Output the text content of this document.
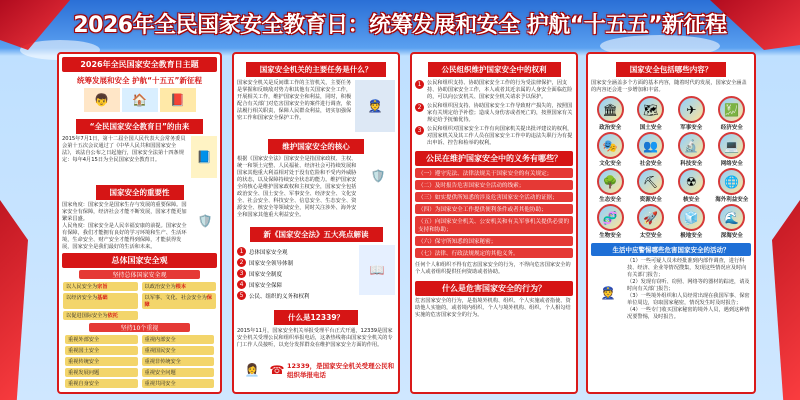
2026年全民国家安全教育日：统筹发展和安全 护航“十五五”新征程
2026年全民国家安全教育日主题
统筹发展和安全 护航“十五五”新征程
👦	🏠	📕
“全民国家安全教育日”的由来
2015年7月1日，第十二届全国人民代表大会常务委员会第十五次会议通过了《中华人民共和国国家安全法》，该法自公布之日起施行，国家安全法第十四条规定：每年4月15日为全民国家安全教育日。	📘
国家安全的重要性
国家角度：国家安全是国家生存与发展的重要保障。国家安全有保障，经济社会才能不断发展，国家才能更加繁荣昌盛。
人民角度：国家安全是人民幸福安康的前提。国家安全有保障，我们才能拥有良好的学习环境和生产、生活环境，生命安全、财产安全才能得到保障，才能获得发展，国家安全是我们最好的生活和未来。
🛡️
总体国家安全观
坚持总体国家安全观
以人民安全为宗旨	以政治安全为根本
以经济安全为基础	以军事、文化、社会安全为保障
以促进国际安全为依托
坚持10个重视
重视外部安全	重视内部安全
重视国土安全	重视国民安全
重视传统安全	重视非传统安全
重视发展问题	重视安全问题
重视自身安全	重视共同安全
国家安全机关的主要任务是什么？
国家安全机关是反间谍工作的主管机关，主要任务是掌握和反映敌对势力和其他有关国家安全工作，开展相关工作，维护国家安全和利益，同时，积极配合有关部门对危害国家安全的案件进行调查，依法履行相关职责，保障人民群众利益，切实加强保密工作和国家安全保护工作。
👮
维护国家安全的核心
根据《国家安全法》国家安全是指国家政权、主权、统一和领土完整、人民福祉、经济社会可持续发展和国家其他重大利益相对处于没有危险和不受内外威胁的状态，以及保障持续安全状态的能力。维护国家安全的核心是维护国家政权和主权安全，国家安全包括政治安全、国土安全、军事安全、经济安全、文化安全、社会安全、科技安全、信息安全、生态安全、资源安全、核安全等领域安全，同时关注涉外、海外安全和国家其他重大利益安全。
🛡️
新《国家安全法》五大亮点解读
1	总体国家安全观
2	国家安全领导体制
3	国家安全制度
4	国家安全保障
5	公民、组织的义务和权利
📖
什么是12339？
2015年11月，国家安全机关举报受理平台正式开通，12339是国家安全机关受理公民和组织举报电话，这条热线将由国家安全机关的专门工作人员接听，以充分发挥群众在维护国家安全方面的作用。
👩‍💼 ☎ 12339，是国家安全机关受理公民和组织举报电话
公民组织维护国家安全中的权利
1	公民和组织支持、协助国家安全工作的行为受法律保护，因支持、协助国家安全工作，本人或者其近亲属的人身安全面临危险的，可以向公安机关、国家安全机关请求予以保护。
2	公民和组织因支持、协助国家安全工作导致财产损失的，按照国家有关规定给予补偿；造成人身伤害或者死亡的，按照国家有关规定给予抚恤优待。
3	公民和组织对国家安全工作有向国家机关提出批评建议的权利，对国家机关及其工作人员在国家安全工作中的违法失职行为有提出申诉、控告和检举的权利。
公民在维护国家安全中的义务有哪些？
（一）遵守宪法、法律法规关于国家安全的有关规定；
（二）及时报告危害国家安全活动的线索；
（三）如实提供所知悉的涉及危害国家安全活动的证据；
（四）为国家安全工作提供便利条件或者其他协助；
（五）向国家安全机关、公安机关和有关军事机关提供必要的支持和协助；
（六）保守所知悉的国家秘密；
（七）法律、行政法规规定的其他义务。
任何个人和组织不得有危害国家安全的行为，不得向危害国家安全的个人或者组织提供任何资助或者协助。
什么是危害国家安全的行为？
危害国家安全的行为，是指境外机构、组织、个人实施或者指使、资助他人实施的，或者境内组织、个人与境外机构、组织、个人相勾结实施的危害国家安全的行为。
国家安全包括哪些内容？
国家安全涵盖多个方面的基本内容，随着时代的发展，国家安全涵盖的内容还会进一步增加和丰富。
🏛
政治安全
🗺
国土安全
✈
军事安全
💹
经济安全
🎭
文化安全
👥
社会安全
🔬
科技安全
💻
网络安全
🌳
生态安全
⛏
资源安全
☢
核安全
🌐
海外利益安全
🧬
生物安全
🚀
太空安全
🧊
极地安全
🌊
深海安全
生活中应警惕哪些危害国家安全的活动？
👮
（1）一些可疑人员未经批准到内部作调查，进行科技、经济、企业等情况搜集，发现这些情况应及时向有关部门报告；
（2）发现有窃听、窃照、网络等的器材的踪迹，请及时向有关部门报告；
（3）一些境外组织和人员经常出现在我国军事、保密单位周边，窃取国家秘密，情况发生时及时报告；
（4）一些专门收买国家秘密的境外人员，遇到这种情况要警惕，及时报告。
